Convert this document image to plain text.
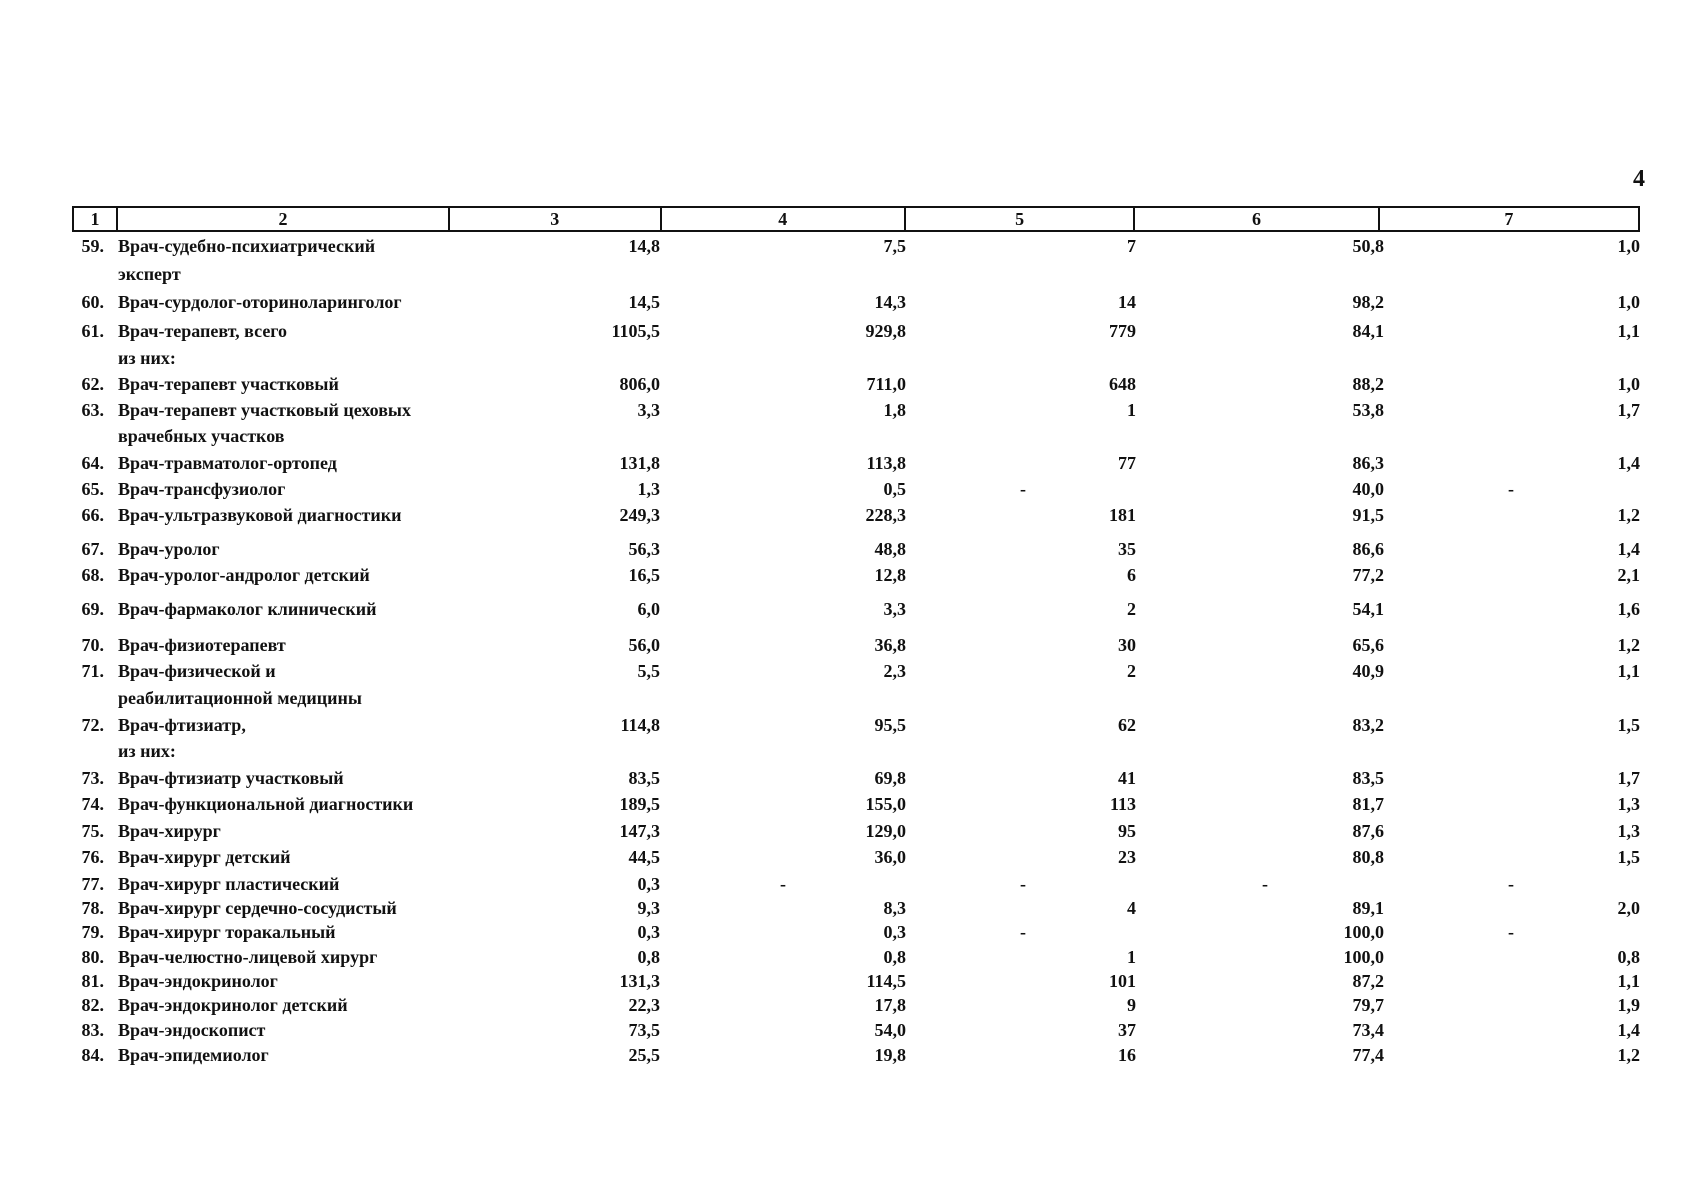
4
1	2	3	4	5	6	7
59. Врач-судебно-психиатрический	14,8	7,5	7	50,8	1,0
эксперт
60. Врач-сурдолог-оториноларинголог	14,5	14,3	14	98,2	1,0
61. Врач-терапевт, всего	1105,5	929,8	779	84,1	1,1
из них:
62. Врач-терапевт участковый	806,0	711,0	648	88,2	1,0
63. Врач-терапевт участковый цеховых	3,3	1,8	1	53,8	1,7
врачебных участков
64. Врач-травматолог-ортопед	131,8	113,8	77	86,3	1,4
65. Врач-трансфузиолог	1,3	0,5	-	40,0	-
66. Врач-ультразвуковой диагностики	249,3	228,3	181	91,5	1,2
67. Врач-уролог	56,3	48,8	35	86,6	1,4
68. Врач-уролог-андролог детский	16,5	12,8	6	77,2	2,1
69. Врач-фармаколог клинический	6,0	3,3	2	54,1	1,6
70. Врач-физиотерапевт	56,0	36,8	30	65,6	1,2
71. Врач-физической и	5,5	2,3	2	40,9	1,1
реабилитационной медицины
72. Врач-фтизиатр,	114,8	95,5	62	83,2	1,5
из них:
73. Врач-фтизиатр участковый	83,5	69,8	41	83,5	1,7
74. Врач-функциональной диагностики	189,5	155,0	113	81,7	1,3
75. Врач-хирург	147,3	129,0	95	87,6	1,3
76. Врач-хирург детский	44,5	36,0	23	80,8	1,5
77. Врач-хирург пластический	0,3	-	-	-	-
78. Врач-хирург сердечно-сосудистый	9,3	8,3	4	89,1	2,0
79. Врач-хирург торакальный	0,3	0,3	-	100,0	-
80. Врач-челюстно-лицевой хирург	0,8	0,8	1	100,0	0,8
81. Врач-эндокринолог	131,3	114,5	101	87,2	1,1
82. Врач-эндокринолог детский	22,3	17,8	9	79,7	1,9
83. Врач-эндоскопист	73,5	54,0	37	73,4	1,4
84. Врач-эпидемиолог	25,5	19,8	16	77,4	1,2
